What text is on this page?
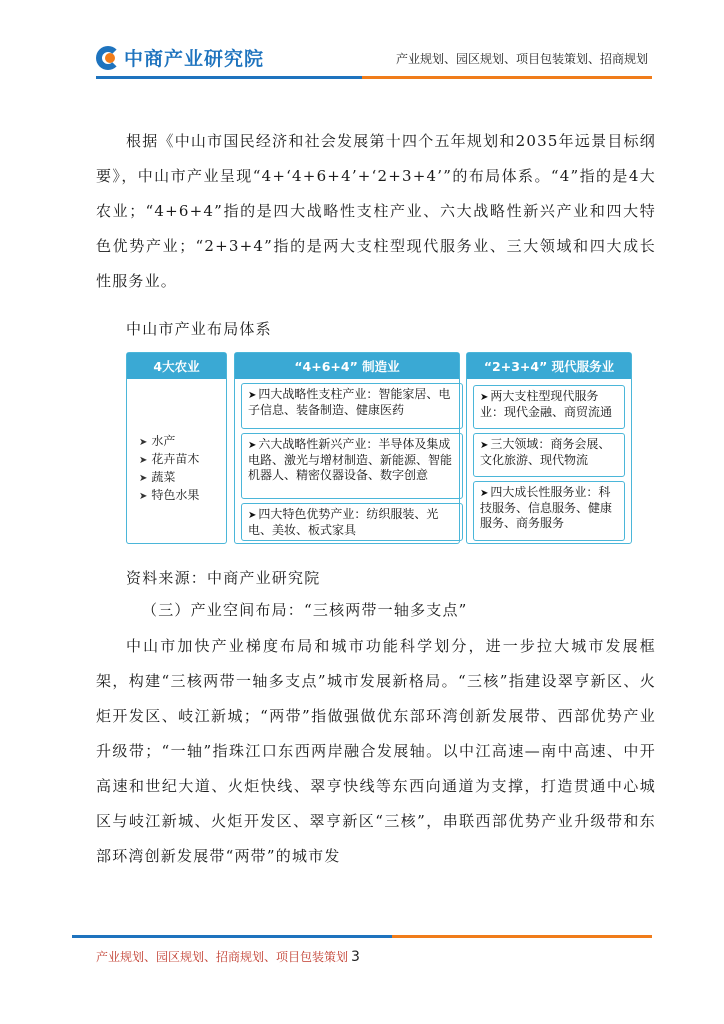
中商产业研究院	产业规划、园区规划、项目包装策划、招商规划

根据《中山市国民经济和社会发展第十四个五年规划和2035年远景目标纲要》，中山市产业呈现“4+‘4+6+4’+‘2+3+4’”的布局体系。“4”指的是4大农业；“4+6+4”指的是四大战略性支柱产业、六大战略性新兴产业和四大特色优势产业；“2+3+4”指的是两大支柱型现代服务业、三大领域和四大成长性服务业。

中山市产业布局体系
4大农业
➤ 水产
➤ 花卉苗木
➤ 蔬菜
➤ 特色水果
“4+6+4” 制造业
➤ 四大战略性支柱产业：智能家居、电子信息、装备制造、健康医药
➤ 六大战略性新兴产业：半导体及集成电路、激光与增材制造、新能源、智能机器人、精密仪器设备、数字创意
➤ 四大特色优势产业：纺织服装、光电、美妆、板式家具
“2+3+4” 现代服务业
➤ 两大支柱型现代服务业：现代金融、商贸流通
➤ 三大领域：商务会展、文化旅游、现代物流
➤ 四大成长性服务业：科技服务、信息服务、健康服务、商务服务
资料来源：中商产业研究院
（三）产业空间布局：“三核两带一轴多支点”

中山市加快产业梯度布局和城市功能科学划分，进一步拉大城市发展框架，构建“三核两带一轴多支点”城市发展新格局。“三核”指建设翠亨新区、火炬开发区、岐江新城；“两带”指做强做优东部环湾创新发展带、西部优势产业升级带；“一轴”指珠江口东西两岸融合发展轴。以中江高速—南中高速、中开高速和世纪大道、火炬快线、翠亨快线等东西向通道为支撑，打造贯通中心城区与岐江新城、火炬开发区、翠亨新区“三核”，串联西部优势产业升级带和东部环湾创新发展带“两带”的城市发

产业规划、园区规划、招商规划、项目包装策划 3
